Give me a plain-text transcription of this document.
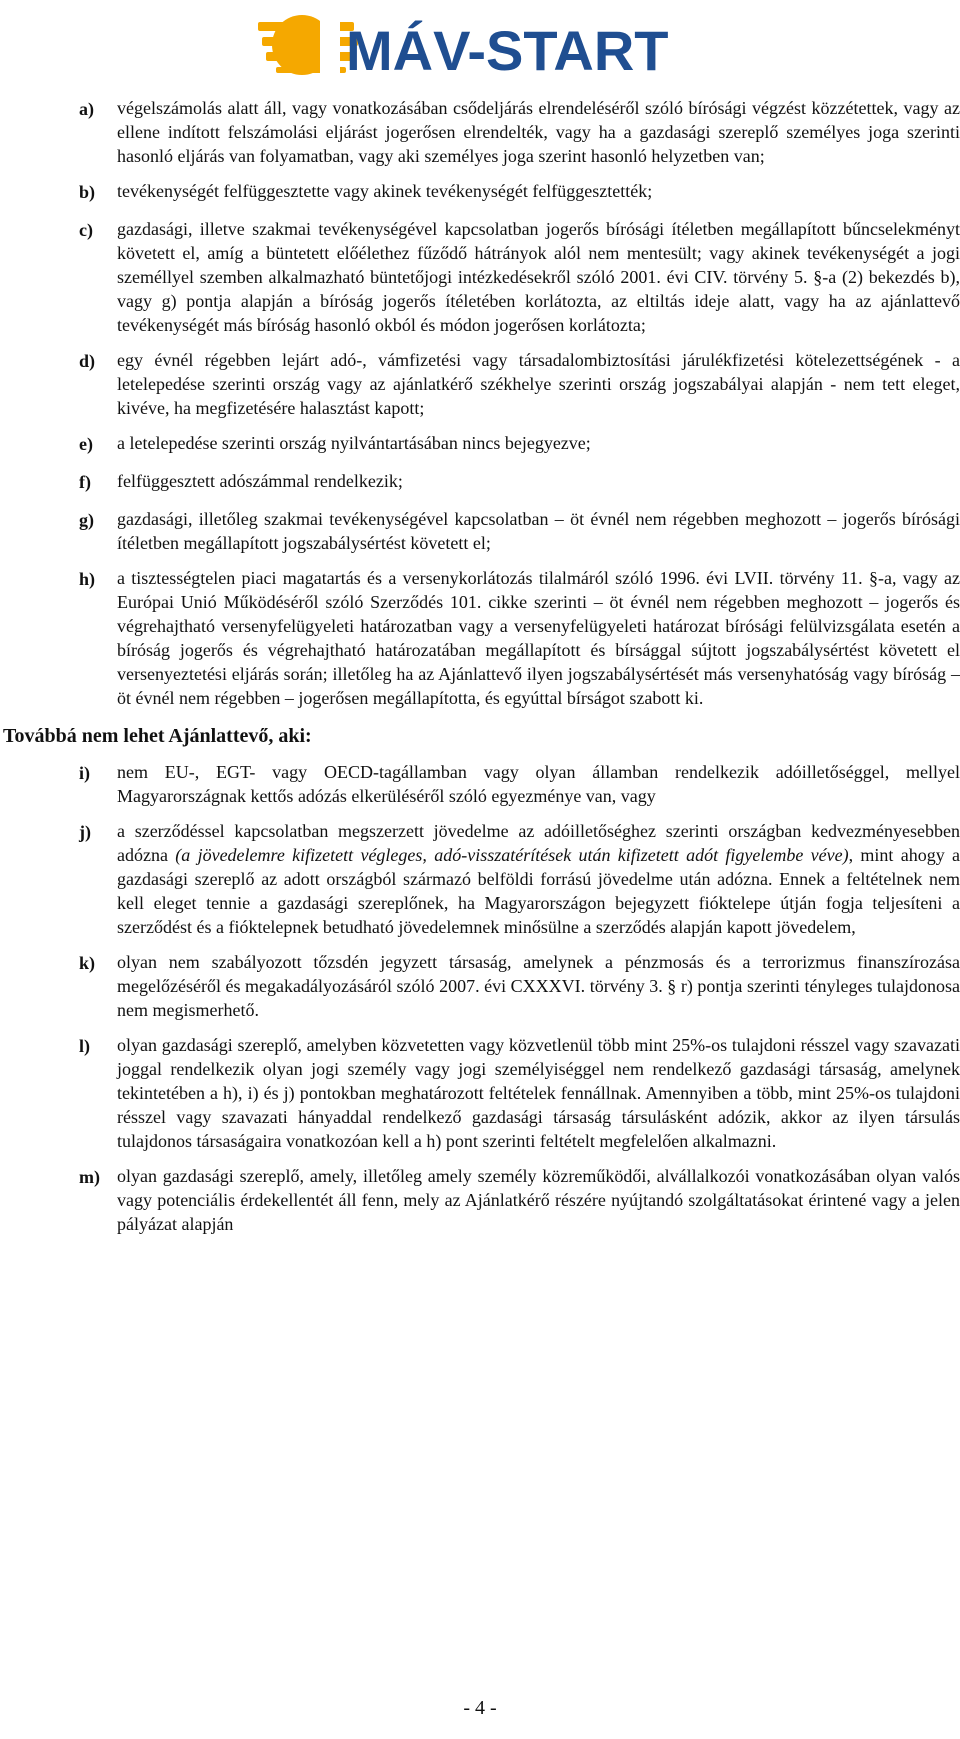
MÁV-START
a)	végelszámolás alatt áll, vagy vonatkozásában csődeljárás elrendeléséről szóló bírósági végzést közzétettek, vagy az ellene indított felszámolási eljárást jogerősen elrendelték, vagy ha a gazdasági szereplő személyes joga szerinti hasonló eljárás van folyamatban, vagy aki személyes joga szerint hasonló helyzetben van;
b)	tevékenységét felfüggesztette vagy akinek tevékenységét felfüggesztették;
c)	gazdasági, illetve szakmai tevékenységével kapcsolatban jogerős bírósági ítéletben megállapított bűncselekményt követett el, amíg a büntetett előélethez fűződő hátrányok alól nem mentesült; vagy akinek tevékenységét a jogi személlyel szemben alkalmazható büntetőjogi intézkedésekről szóló 2001. évi CIV. törvény 5. §-a (2) bekezdés b), vagy g) pontja alapján a bíróság jogerős ítéletében korlátozta, az eltiltás ideje alatt, vagy ha az ajánlattevő tevékenységét más bíróság hasonló okból és módon jogerősen korlátozta;
d)	egy évnél régebben lejárt adó-, vámfizetési vagy társadalombiztosítási járulékfizetési kötelezettségének - a letelepedése szerinti ország vagy az ajánlatkérő székhelye szerinti ország jogszabályai alapján - nem tett eleget, kivéve, ha megfizetésére halasztást kapott;
e)	a letelepedése szerinti ország nyilvántartásában nincs bejegyezve;
f)	felfüggesztett adószámmal rendelkezik;
g)	gazdasági, illetőleg szakmai tevékenységével kapcsolatban – öt évnél nem régebben meghozott – jogerős bírósági ítéletben megállapított jogszabálysértést követett el;
h)	a tisztességtelen piaci magatartás és a versenykorlátozás tilalmáról szóló 1996. évi LVII. törvény 11. §-a, vagy az Európai Unió Működéséről szóló Szerződés 101. cikke szerinti – öt évnél nem régebben meghozott – jogerős és végrehajtható versenyfelügyeleti határozatban vagy a versenyfelügyeleti határozat bírósági felülvizsgálata esetén a bíróság jogerős és végrehajtható határozatában megállapított és bírsággal sújtott jogszabálysértést követett el versenyeztetési eljárás során; illetőleg ha az Ajánlattevő ilyen jogszabálysértését más versenyhatóság vagy bíróság – öt évnél nem régebben – jogerősen megállapította, és egyúttal bírságot szabott ki.
Továbbá nem lehet Ajánlattevő, aki:
i)	nem EU-, EGT- vagy OECD-tagállamban vagy olyan államban rendelkezik adóilletőséggel, mellyel Magyarországnak kettős adózás elkerüléséről szóló egyezménye van, vagy
j)	a szerződéssel kapcsolatban megszerzett jövedelme az adóilletőséghez szerinti országban kedvezményesebben adózna (a jövedelemre kifizetett végleges, adó-visszatérítések után kifizetett adót figyelembe véve), mint ahogy a gazdasági szereplő az adott országból származó belföldi forrású jövedelme után adózna. Ennek a feltételnek nem kell eleget tennie a gazdasági szereplőnek, ha Magyarországon bejegyzett fióktelepe útján fogja teljesíteni a szerződést és a fióktelepnek betudható jövedelemnek minősülne a szerződés alapján kapott jövedelem,
k)	olyan nem szabályozott tőzsdén jegyzett társaság, amelynek a pénzmosás és a terrorizmus finanszírozása megelőzéséről és megakadályozásáról szóló 2007. évi CXXXVI. törvény 3. § r) pontja szerinti tényleges tulajdonosa nem megismerhető.
l)	olyan gazdasági szereplő, amelyben közvetetten vagy közvetlenül több mint 25%-os tulajdoni résszel vagy szavazati joggal rendelkezik olyan jogi személy vagy jogi személyiséggel nem rendelkező gazdasági társaság, amelynek tekintetében a h), i) és j) pontokban meghatározott feltételek fennállnak. Amennyiben a több, mint 25%-os tulajdoni résszel vagy szavazati hányaddal rendelkező gazdasági társaság társulásként adózik, akkor az ilyen társulás tulajdonos társaságaira vonatkozóan kell a h) pont szerinti feltételt megfelelően alkalmazni.
m) olyan gazdasági szereplő, amely, illetőleg amely személy közreműködői, alvállalkozói vonatkozásában olyan valós vagy potenciális érdekellentét áll fenn, mely az Ajánlatkérő részére nyújtandó szolgáltatásokat érintené vagy a jelen pályázat alapján
- 4 -
